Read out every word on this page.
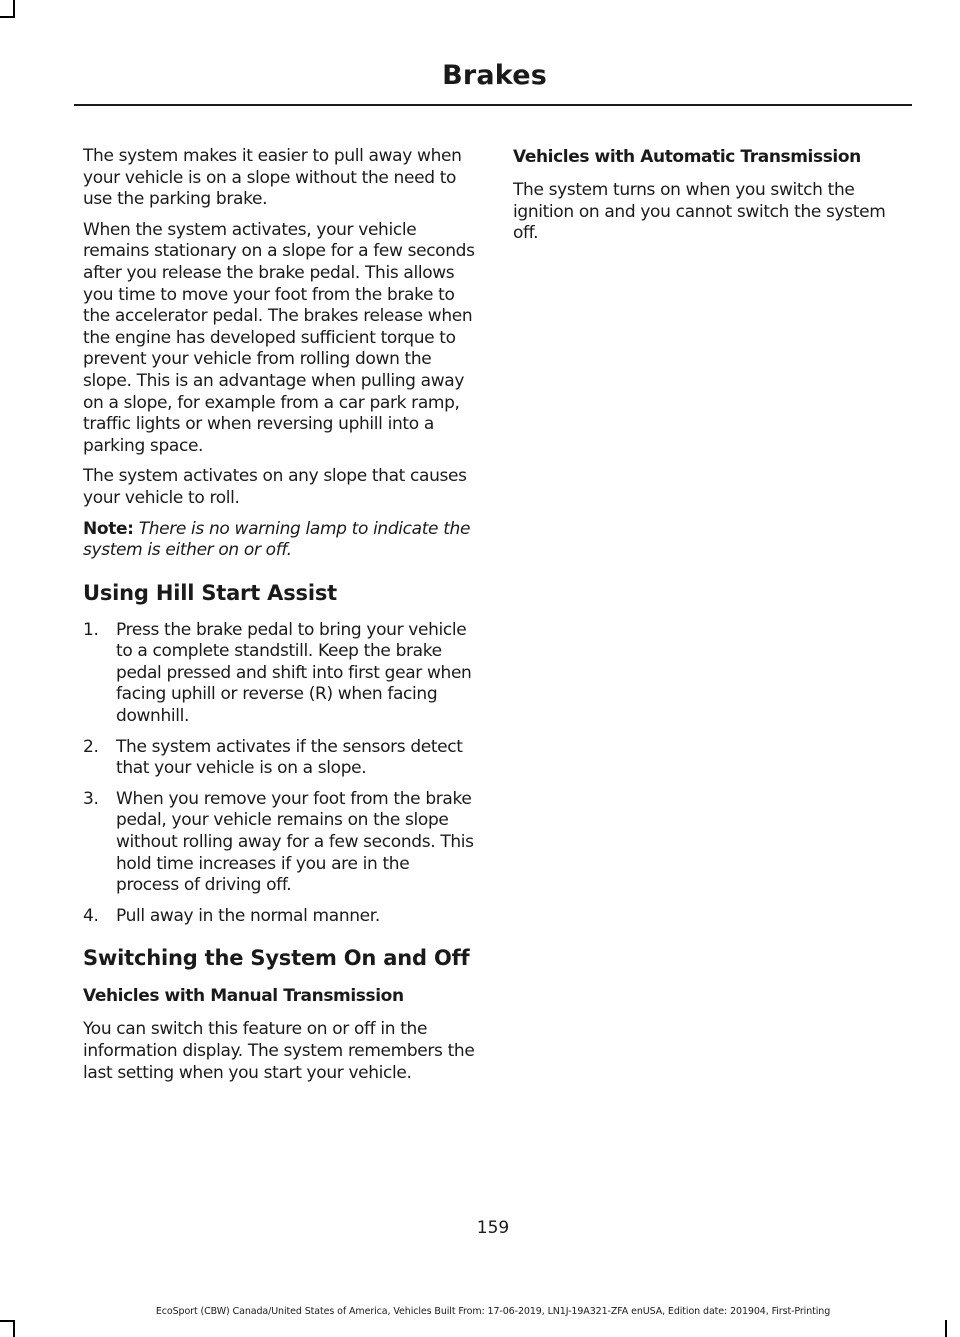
Brakes

The system makes it easier to pull away when your vehicle is on a slope without the need to use the parking brake.

When the system activates, your vehicle remains stationary on a slope for a few seconds after you release the brake pedal. This allows you time to move your foot from the brake to the accelerator pedal. The brakes release when the engine has developed sufficient torque to prevent your vehicle from rolling down the slope. This is an advantage when pulling away on a slope, for example from a car park ramp, traffic lights or when reversing uphill into a parking space.

The system activates on any slope that causes your vehicle to roll.

Note: There is no warning lamp to indicate the system is either on or off.

Using Hill Start Assist
1. Press the brake pedal to bring your vehicle to a complete standstill. Keep the brake pedal pressed and shift into first gear when facing uphill or reverse (R) when facing downhill.
2. The system activates if the sensors detect that your vehicle is on a slope.
3. When you remove your foot from the brake pedal, your vehicle remains on the slope without rolling away for a few seconds. This hold time increases if you are in the process of driving off.
4. Pull away in the normal manner.
Switching the System On and Off
Vehicles with Manual Transmission

You can switch this feature on or off in the information display. The system remembers the last setting when you start your vehicle.

Vehicles with Automatic Transmission

The system turns on when you switch the ignition on and you cannot switch the system off.

159
EcoSport (CBW) Canada/United States of America, Vehicles Built From: 17-06-2019, LN1J-19A321-ZFA enUSA, Edition date: 201904, First-Printing
